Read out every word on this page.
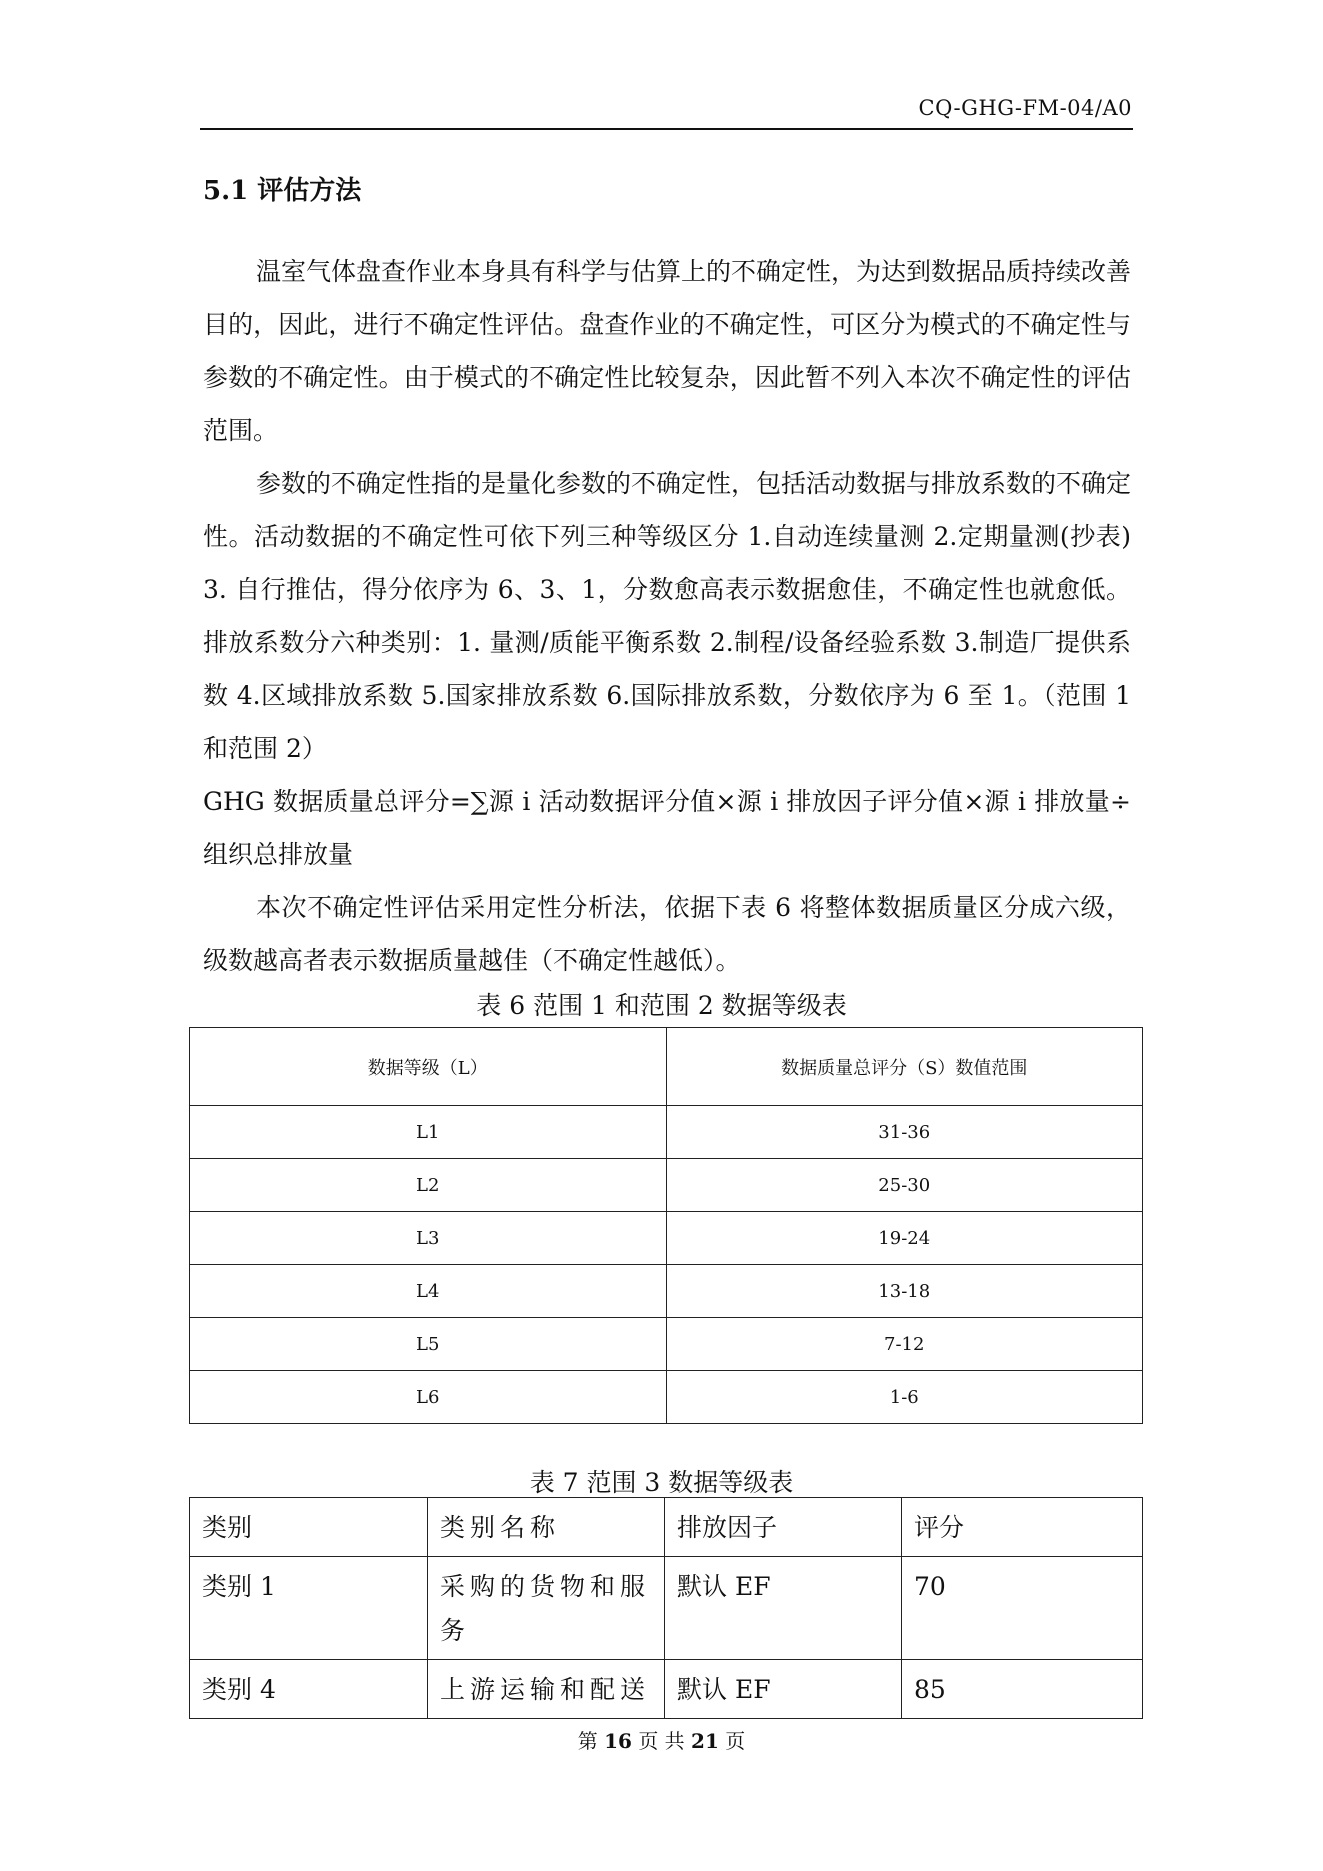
CQ-GHG-FM-04/A0
5.1 评估方法

温室气体盘查作业本身具有科学与估算上的不确定性，为达到数据品质持续改善目的，因此，进行不确定性评估。盘查作业的不确定性，可区分为模式的不确定性与参数的不确定性。由于模式的不确定性比较复杂，因此暂不列入本次不确定性的评估范围。

参数的不确定性指的是量化参数的不确定性，包括活动数据与排放系数的不确定性。活动数据的不确定性可依下列三种等级区分 1.自动连续量测 2.定期量测(抄表) 3. 自行推估，得分依序为 6、3、1，分数愈高表示数据愈佳，不确定性也就愈低。排放系数分六种类别：1. 量测/质能平衡系数 2.制程/设备经验系数 3.制造厂提供系数 4.区域排放系数 5.国家排放系数 6.国际排放系数，分数依序为 6 至 1。（范围 1 和范围 2）

GHG 数据质量总评分=∑源 i 活动数据评分值×源 i 排放因子评分值×源 i 排放量÷组织总排放量

本次不确定性评估采用定性分析法，依据下表 6 将整体数据质量区分成六级，级数越高者表示数据质量越佳（不确定性越低）。

表 6 范围 1 和范围 2 数据等级表
数据等级（L）	数据质量总评分（S）数值范围
L1	31-36
L2	25-30
L3	19-24
L4	13-18
L5	7-12
L6	1-6
表 7 范围 3 数据等级表
类别	类别名称	排放因子	评分
类别 1	采购的货物和服务	默认 EF	70
类别 4	上游运输和配送	默认 EF	85
第 16 页 共 21 页
